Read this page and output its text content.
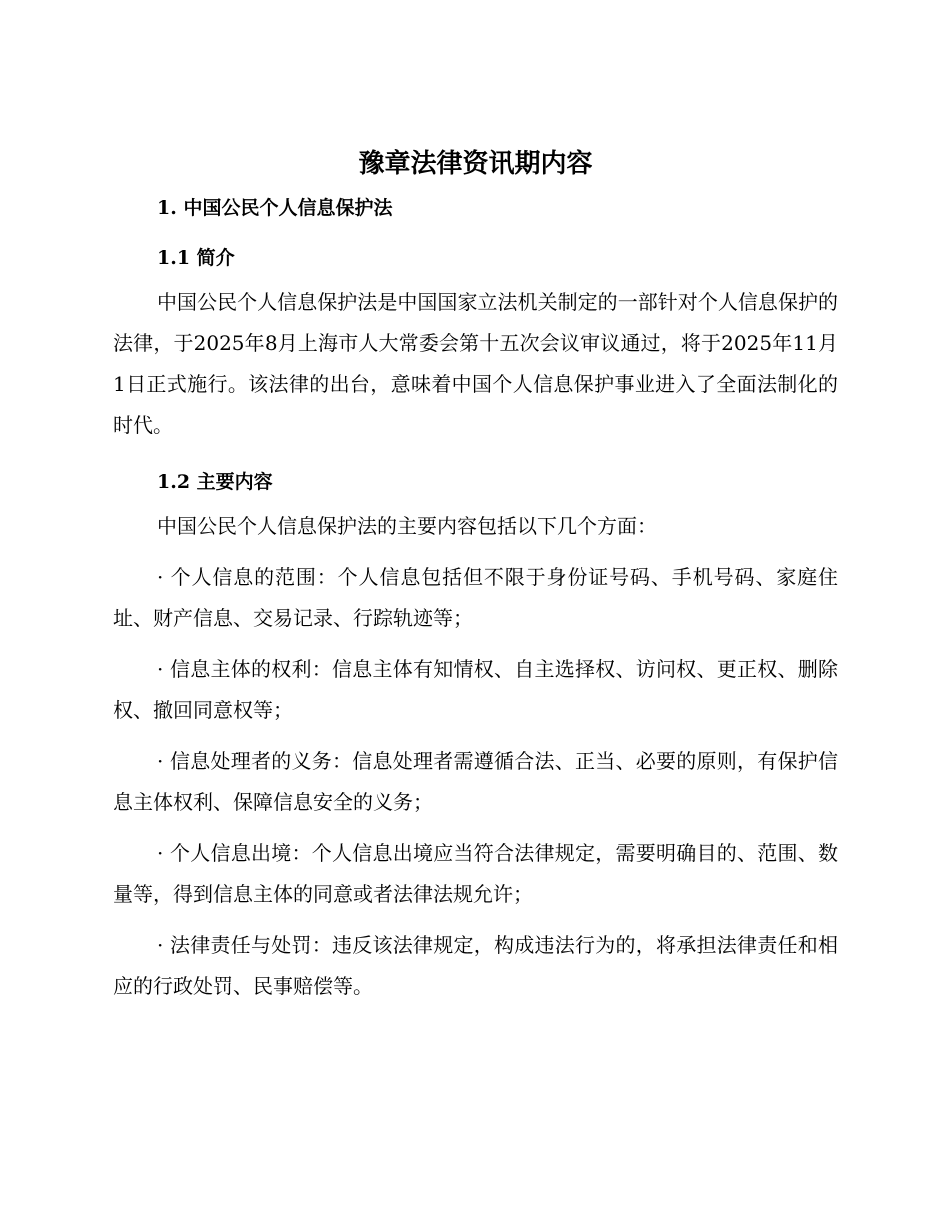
豫章法律资讯期内容
1. 中国公民个人信息保护法
1.1 简介

中国公民个人信息保护法是中国国家立法机关制定的一部针对个人信息保护的法律，于2025年8月上海市人大常委会第十五次会议审议通过，将于2025年11月1日正式施行。该法律的出台，意味着中国个人信息保护事业进入了全面法制化的时代。

1.2 主要内容

中国公民个人信息保护法的主要内容包括以下几个方面：

· 个人信息的范围：个人信息包括但不限于身份证号码、手机号码、家庭住址、财产信息、交易记录、行踪轨迹等；

· 信息主体的权利：信息主体有知情权、自主选择权、访问权、更正权、删除权、撤回同意权等；

· 信息处理者的义务：信息处理者需遵循合法、正当、必要的原则，有保护信息主体权利、保障信息安全的义务；

· 个人信息出境：个人信息出境应当符合法律规定，需要明确目的、范围、数量等，得到信息主体的同意或者法律法规允许；

· 法律责任与处罚：违反该法律规定，构成违法行为的，将承担法律责任和相应的行政处罚、民事赔偿等。
